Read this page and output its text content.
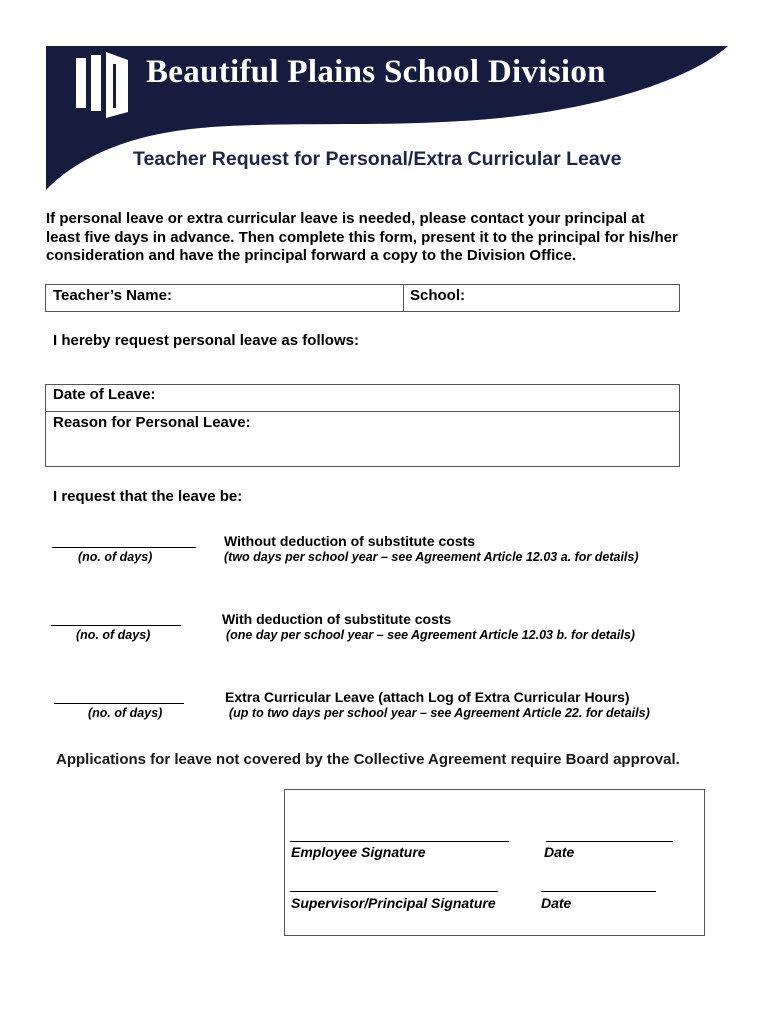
Beautiful Plains School Division
Teacher Request for Personal/Extra Curricular Leave
If personal leave or extra curricular leave is needed, please contact your principal at
least five days in advance. Then complete this form, present it to the principal for his/her
consideration and have the principal forward a copy to the Division Office.
Teacher’s Name:	School:
I hereby request personal leave as follows:
Date of Leave:
Reason for Personal Leave:
I request that the leave be:
(no. of days)
Without deduction of substitute costs
(two days per school year – see Agreement Article 12.03 a. for details)
(no. of days)
With deduction of substitute costs
(one day per school year – see Agreement Article 12.03 b. for details)
(no. of days)
Extra Curricular Leave (attach Log of Extra Curricular Hours)
(up to two days per school year – see Agreement Article 22. for details)
Applications for leave not covered by the Collective Agreement require Board approval.
Employee Signature	Date
Supervisor/Principal Signature	Date
